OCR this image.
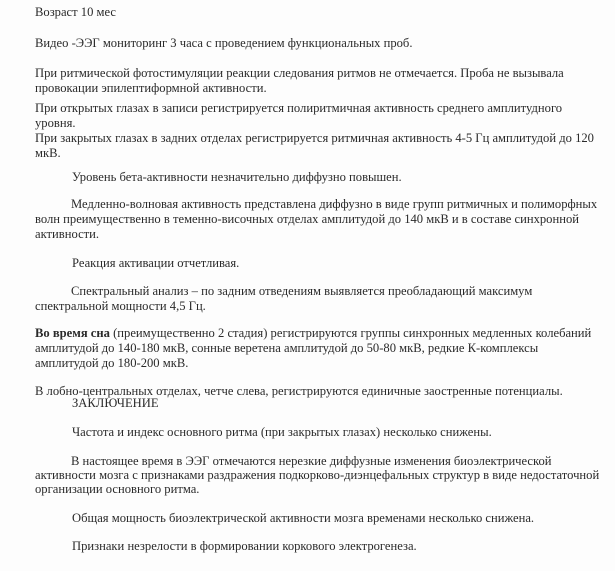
Возраст 10 мес
Видео -ЭЭГ мониторинг 3 часа с проведением функциональных проб.
При ритмической фотостимуляции реакции следования ритмов не отмечается. Проба не вызывала
провокации эпилептиформной активности.
При открытых глазах в записи регистрируется полиритмичная активность среднего амплитудного
уровня.
При закрытых глазах в задних отделах регистрируется ритмичная активность 4-5 Гц амплитудой до 120
мкВ.
Уровень бета-активности незначительно диффузно повышен.
Медленно-волновая активность представлена диффузно в виде групп ритмичных и полиморфных
волн преимущественно в теменно-височных отделах амплитудой до 140 мкВ и в составе синхронной
активности.
Реакция активации отчетливая.
Спектральный анализ – по задним отведениям выявляется преобладающий максимум
спектральной мощности 4,5 Гц.
Во время сна (преимущественно 2 стадия) регистрируются группы синхронных медленных колебаний
амплитудой до 140-180 мкВ, сонные веретена амплитудой до 50-80 мкВ, редкие К-комплексы
амплитудой до 180-200 мкВ.
В лобно-центральных отделах, четче слева, регистрируются единичные заостренные потенциалы.
ЗАКЛЮЧЕНИЕ
Частота и индекс основного ритма (при закрытых глазах) несколько снижены.
В настоящее время в ЭЭГ отмечаются нерезкие диффузные изменения биоэлектрической
активности мозга с признаками раздражения подкорково-диэнцефальных структур в виде недостаточной
организации основного ритма.
Общая мощность биоэлектрической активности мозга временами несколько снижена.
Признаки незрелости в формировании коркового электрогенеза.
